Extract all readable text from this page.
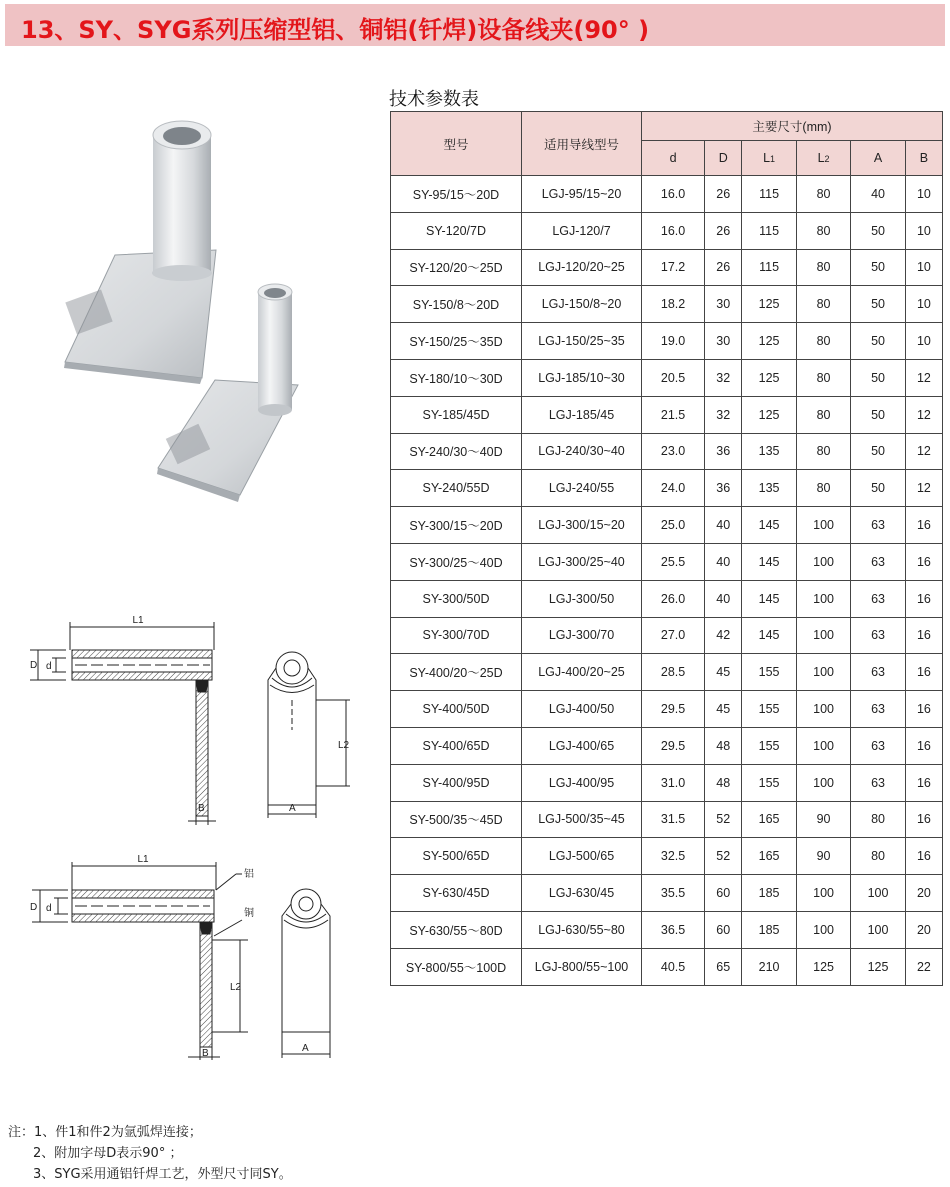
13、SY、SYG系列压缩型铝、铜铝(钎焊)设备线夹(90° )
技术参数表
L1
D d
B
L2
A
L1
D d
铝
铜
L2
B	A
型号	适用导线型号	主要尺寸(mm)					
		d	D	L1	L2	A	B
SY-95/15～20D	LGJ-95/15~20	16.0	26	115	80	40	10
SY-120/7D	LGJ-120/7	16.0	26	115	80	50	10
SY-120/20～25D	LGJ-120/20~25	17.2	26	115	80	50	10
SY-150/8～20D	LGJ-150/8~20	18.2	30	125	80	50	10
SY-150/25～35D	LGJ-150/25~35	19.0	30	125	80	50	10
SY-180/10～30D	LGJ-185/10~30	20.5	32	125	80	50	12
SY-185/45D	LGJ-185/45	21.5	32	125	80	50	12
SY-240/30～40D	LGJ-240/30~40	23.0	36	135	80	50	12
SY-240/55D	LGJ-240/55	24.0	36	135	80	50	12
SY-300/15～20D	LGJ-300/15~20	25.0	40	145	100	63	16
SY-300/25～40D	LGJ-300/25~40	25.5	40	145	100	63	16
SY-300/50D	LGJ-300/50	26.0	40	145	100	63	16
SY-300/70D	LGJ-300/70	27.0	42	145	100	63	16
SY-400/20～25D	LGJ-400/20~25	28.5	45	155	100	63	16
SY-400/50D	LGJ-400/50	29.5	45	155	100	63	16
SY-400/65D	LGJ-400/65	29.5	48	155	100	63	16
SY-400/95D	LGJ-400/95	31.0	48	155	100	63	16
SY-500/35～45D	LGJ-500/35~45	31.5	52	165	90	80	16
SY-500/65D	LGJ-500/65	32.5	52	165	90	80	16
SY-630/45D	LGJ-630/45	35.5	60	185	100	100	20
SY-630/55～80D	LGJ-630/55~80	36.5	60	185	100	100	20
SY-800/55～100D	LGJ-800/55~100	40.5	65	210	125	125	22
注：1、件1和件2为氩弧焊连接；
2、附加字母D表示90° ；
3、SYG采用通铝钎焊工艺，外型尺寸同SY。
